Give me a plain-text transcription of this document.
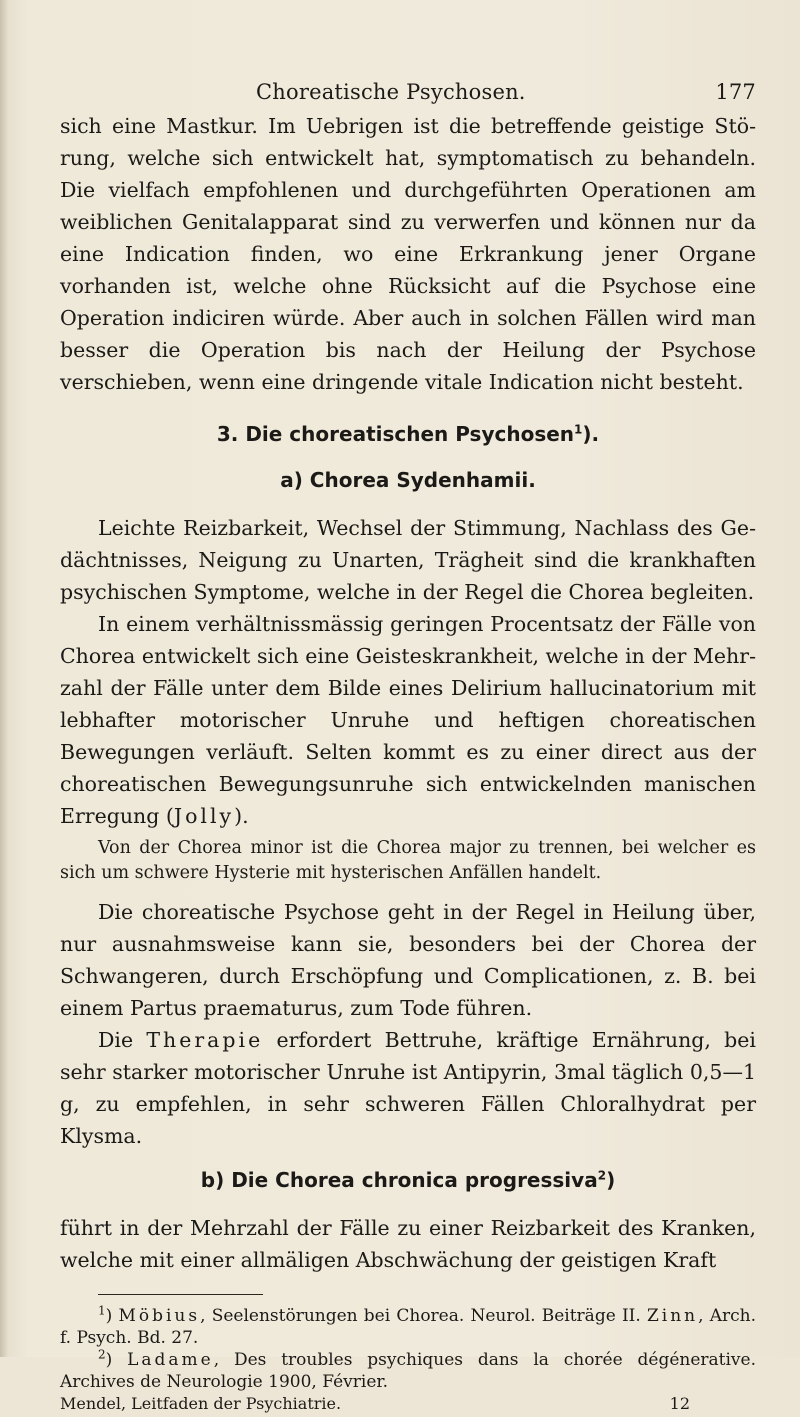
Choreatische Psychosen.	177

sich eine Mastkur. Im Uebrigen ist die betreffende geistige Störung, welche sich entwickelt hat, symptomatisch zu behandeln. Die vielfach empfohlenen und durchgeführten Operationen am weiblichen Genitalapparat sind zu verwerfen und können nur da eine Indication finden, wo eine Erkrankung jener Organe vorhanden ist, welche ohne Rücksicht auf die Psychose eine Operation indiciren würde. Aber auch in solchen Fällen wird man besser die Operation bis nach der Heilung der Psychose verschieben, wenn eine dringende vitale Indication nicht besteht.

3. Die choreatischen Psychosen$^1$).
a) Chorea Sydenhamii.

Leichte Reizbarkeit, Wechsel der Stimmung, Nachlass des Gedächtnisses, Neigung zu Unarten, Trägheit sind die krankhaften psychischen Symptome, welche in der Regel die Chorea begleiten.

In einem verhältnissmässig geringen Procentsatz der Fälle von Chorea entwickelt sich eine Geisteskrankheit, welche in der Mehrzahl der Fälle unter dem Bilde eines Delirium hallucinatorium mit lebhafter motorischer Unruhe und heftigen choreatischen Bewegungen verläuft. Selten kommt es zu einer direct aus der choreatischen Bewegungsunruhe sich entwickelnden manischen Erregung (Jolly).

Von der Chorea minor ist die Chorea major zu trennen, bei welcher es sich um schwere Hysterie mit hysterischen Anfällen handelt.

Die choreatische Psychose geht in der Regel in Heilung über, nur ausnahmsweise kann sie, besonders bei der Chorea der Schwangeren, durch Erschöpfung und Complicationen, z. B. bei einem Partus praematurus, zum Tode führen.

Die Therapie erfordert Bettruhe, kräftige Ernährung, bei sehr starker motorischer Unruhe ist Antipyrin, 3mal täglich 0,5—1 g, zu empfehlen, in sehr schweren Fällen Chloralhydrat per Klysma.

b) Die Chorea chronica progressiva$^2$)

führt in der Mehrzahl der Fälle zu einer Reizbarkeit des Kranken, welche mit einer allmäligen Abschwächung der geistigen Kraft

$^1$) Möbius, Seelenstörungen bei Chorea. Neurol. Beiträge II. Zinn, Arch. f. Psych. Bd. 27.

$^2$) Ladame, Des troubles psychiques dans la chorée dégénerative. Archives de Neurologie 1900, Février.

Mendel, Leitfaden der Psychiatrie.	12
